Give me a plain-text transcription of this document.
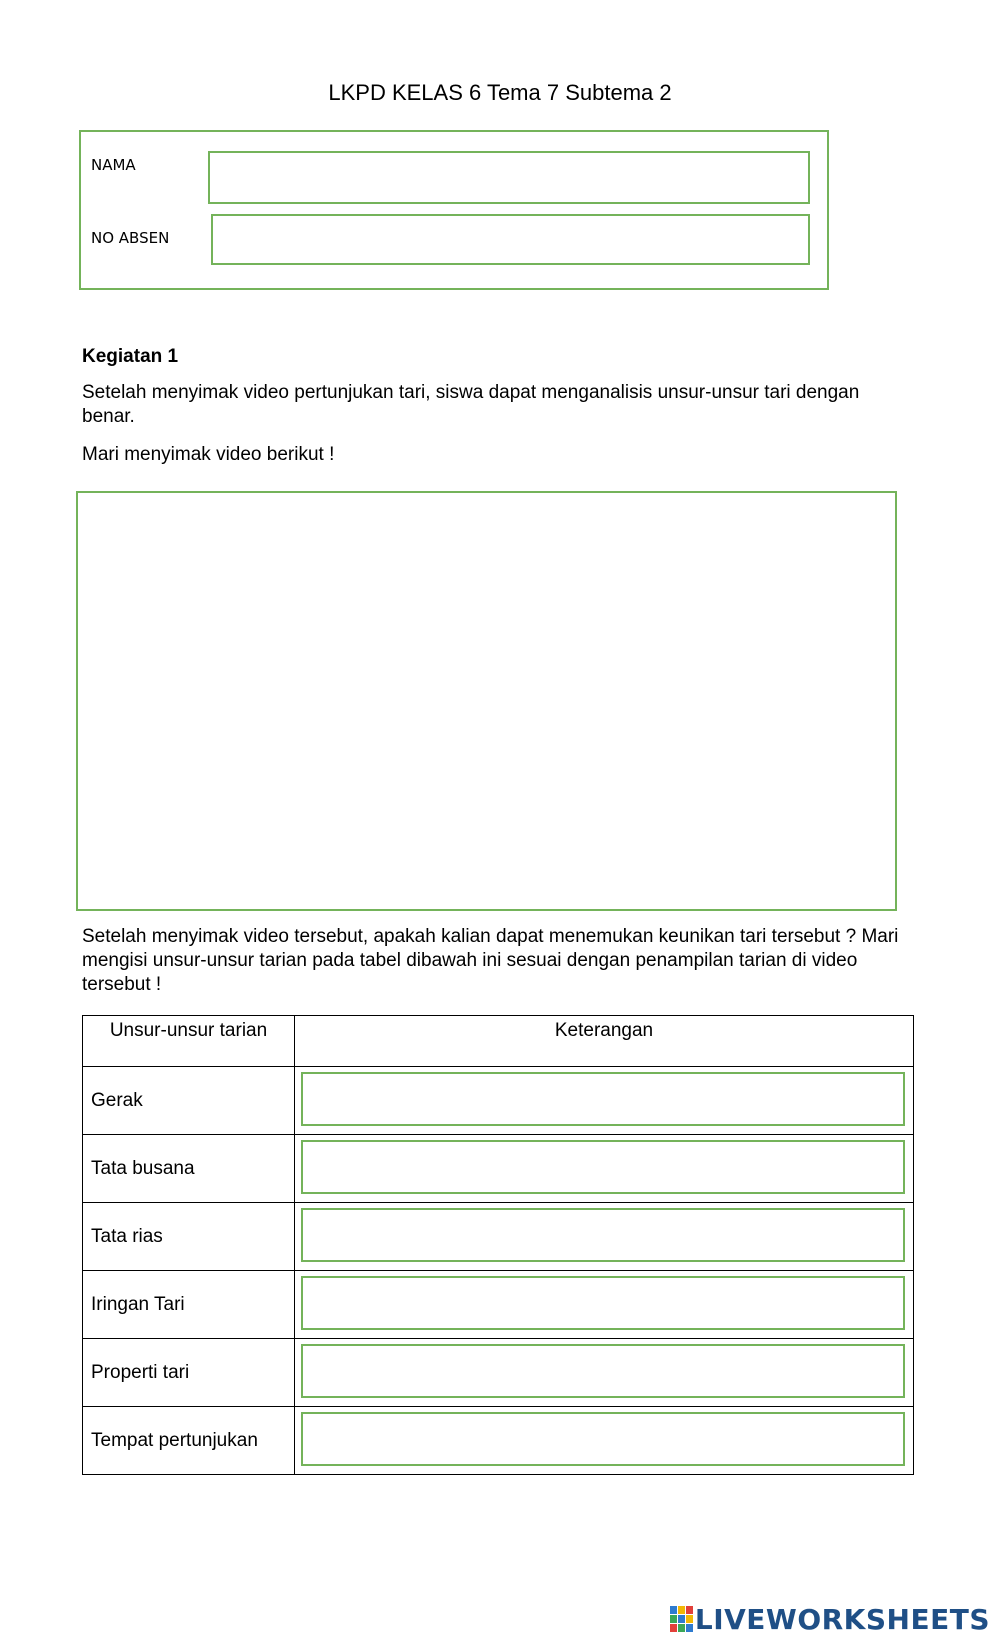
LKPD KELAS 6 Tema 7 Subtema 2
NAMA
NO ABSEN
Kegiatan 1
Setelah menyimak video pertunjukan tari, siswa dapat menganalisis unsur-unsur tari dengan benar.
Mari menyimak video berikut !
Setelah menyimak video tersebut, apakah kalian dapat menemukan keunikan tari tersebut ? Mari mengisi unsur-unsur tarian pada tabel dibawah ini sesuai dengan penampilan tarian di video tersebut !
Unsur-unsur tarian	Keterangan
Gerak	

Tata busana	

Tata rias	

Iringan Tari	

Properti tari	

Tempat pertunjukan	
LIVEWORKSHEETS
